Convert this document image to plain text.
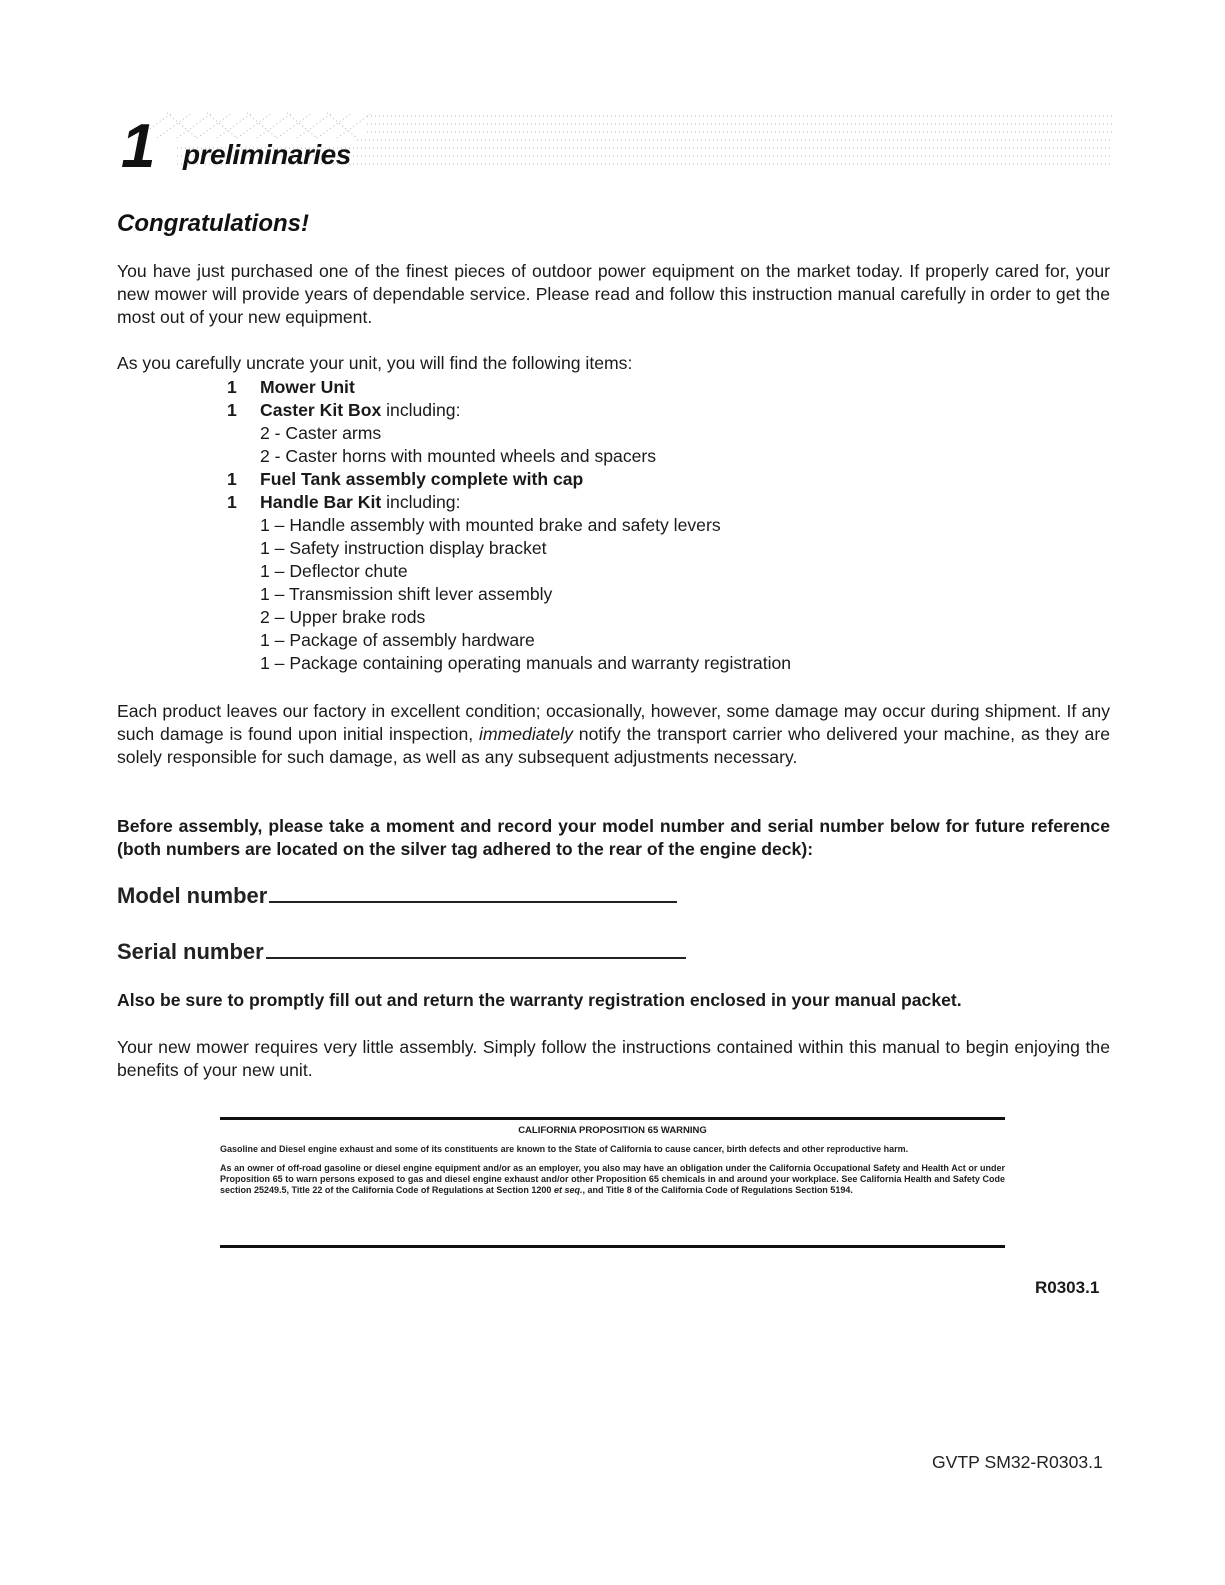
1 preliminaries
Congratulations!

You have just purchased one of the finest pieces of outdoor power equipment on the market today. If properly cared for, your new mower will provide years of dependable service. Please read and follow this instruction manual carefully in order to get the most out of your new equipment.

As you carefully uncrate your unit, you will find the following items:

1 Mower Unit
1 Caster Kit Box including:
2 - Caster arms
2 - Caster horns with mounted wheels and spacers
1 Fuel Tank assembly complete with cap
1 Handle Bar Kit including:
1 – Handle assembly with mounted brake and safety levers
1 – Safety instruction display bracket
1 – Deflector chute
1 – Transmission shift lever assembly
2 – Upper brake rods
1 – Package of assembly hardware
1 – Package containing operating manuals and warranty registration

Each product leaves our factory in excellent condition; occasionally, however, some damage may occur during shipment. If any such damage is found upon initial inspection, immediately notify the transport carrier who delivered your machine, as they are solely responsible for such damage, as well as any subsequent adjustments necessary.

Before assembly, please take a moment and record your model number and serial number below for future reference (both numbers are located on the silver tag adhered to the rear of the engine deck):

Model number
Serial number

Also be sure to promptly fill out and return the warranty registration enclosed in your manual packet.

Your new mower requires very little assembly. Simply follow the instructions contained within this manual to begin enjoying the benefits of your new unit.

CALIFORNIA PROPOSITION 65 WARNING

Gasoline and Diesel engine exhaust and some of its constituents are known to the State of California to cause cancer, birth defects and other reproductive harm.

As an owner of off-road gasoline or diesel engine equipment and/or as an employer, you also may have an obligation under the California Occupational Safety and Health Act or under Proposition 65 to warn persons exposed to gas and diesel engine exhaust and/or other Proposition 65 chemicals in and around your workplace. See California Health and Safety Code section 25249.5, Title 22 of the California Code of Regulations at Section 1200 et seq., and Title 8 of the California Code of Regulations Section 5194.

R0303.1
GVTP SM32-R0303.1
